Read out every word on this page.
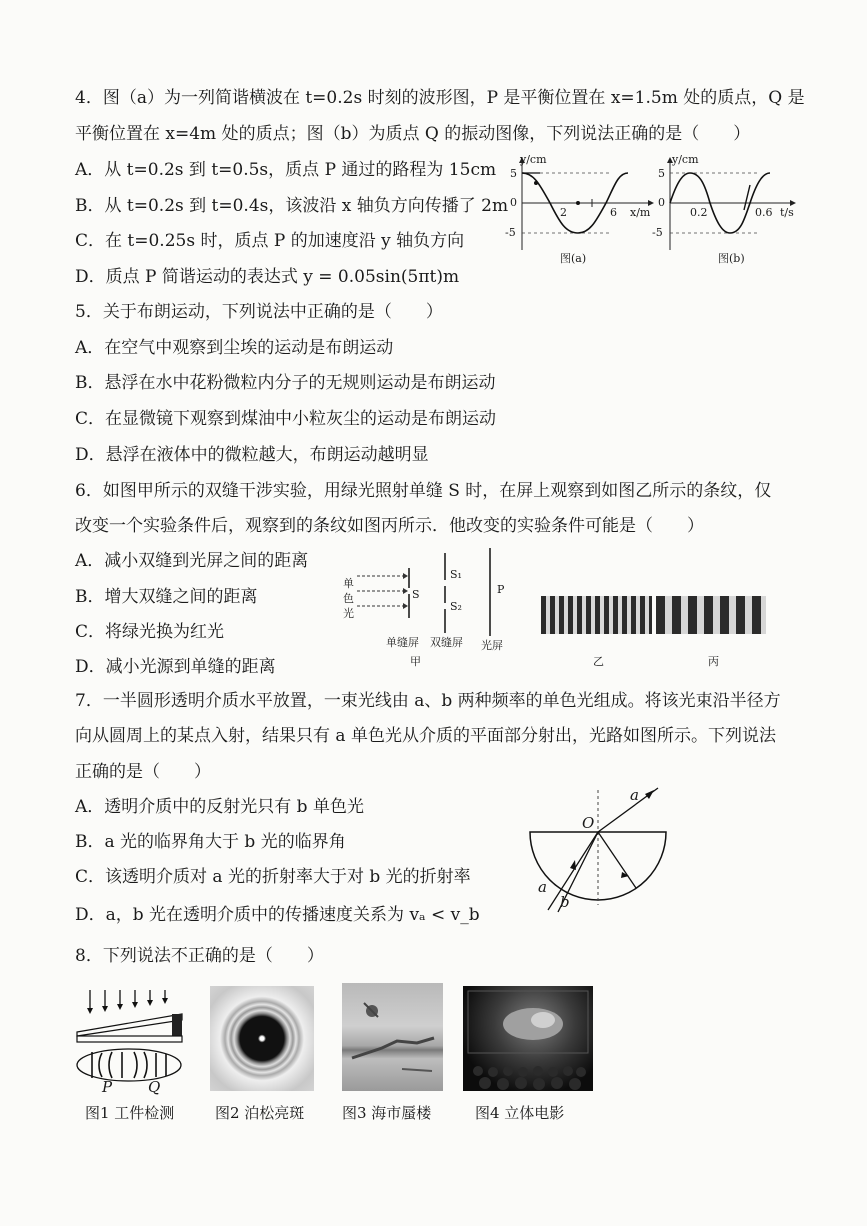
4．图（a）为一列简谐横波在 t=0.2s 时刻的波形图，P 是平衡位置在 x=1.5m 处的质点，Q 是
平衡位置在 x=4m 处的质点；图（b）为质点 Q 的振动图像，下列说法正确的是（　　）
A．从 t=0.2s 到 t=0.5s，质点 P 通过的路程为 15cm
B．从 t=0.2s 到 t=0.4s，该波沿 x 轴负方向传播了 2m
C．在 t=0.25s 时，质点 P 的加速度沿 y 轴负方向
D．质点 P 简谐运动的表达式 y = 0.05sin(5πt)m
y/cm
5
0
-5
2	6 x/m
图(a)
y/cm
5
0
-5
0.2	0.6 t/s
图(b)
5．关于布朗运动，下列说法中正确的是（　　）
A．在空气中观察到尘埃的运动是布朗运动
B．悬浮在水中花粉微粒内分子的无规则运动是布朗运动
C．在显微镜下观察到煤油中小粒灰尘的运动是布朗运动
D．悬浮在液体中的微粒越大，布朗运动越明显
6．如图甲所示的双缝干涉实验，用绿光照射单缝 S 时，在屏上观察到如图乙所示的条纹，仅
改变一个实验条件后，观察到的条纹如图丙所示．他改变的实验条件可能是（　　）
A．减小双缝到光屏之间的距离
B．增大双缝之间的距离
C．将绿光换为红光
D．减小光源到单缝的距离
单
色
光
S
S₁
S₂
P
单缝屏 双缝屏 光屏
甲	乙	丙
7．一半圆形透明介质水平放置，一束光线由 a、b 两种频率的单色光组成。将该光束沿半径方
向从圆周上的某点入射，结果只有 a 单色光从介质的平面部分射出，光路如图所示。下列说法
正确的是（　　）
A．透明介质中的反射光只有 b 单色光
B．a 光的临界角大于 b 光的临界角
C．该透明介质对 a 光的折射率大于对 b 光的折射率
D．a，b 光在透明介质中的传播速度关系为 vₐ < v_b
O
a
a
b
8．下列说法不正确的是（　　）
P Q
图1 工件检测	图2 泊松亮斑	图3 海市蜃楼	图4 立体电影
